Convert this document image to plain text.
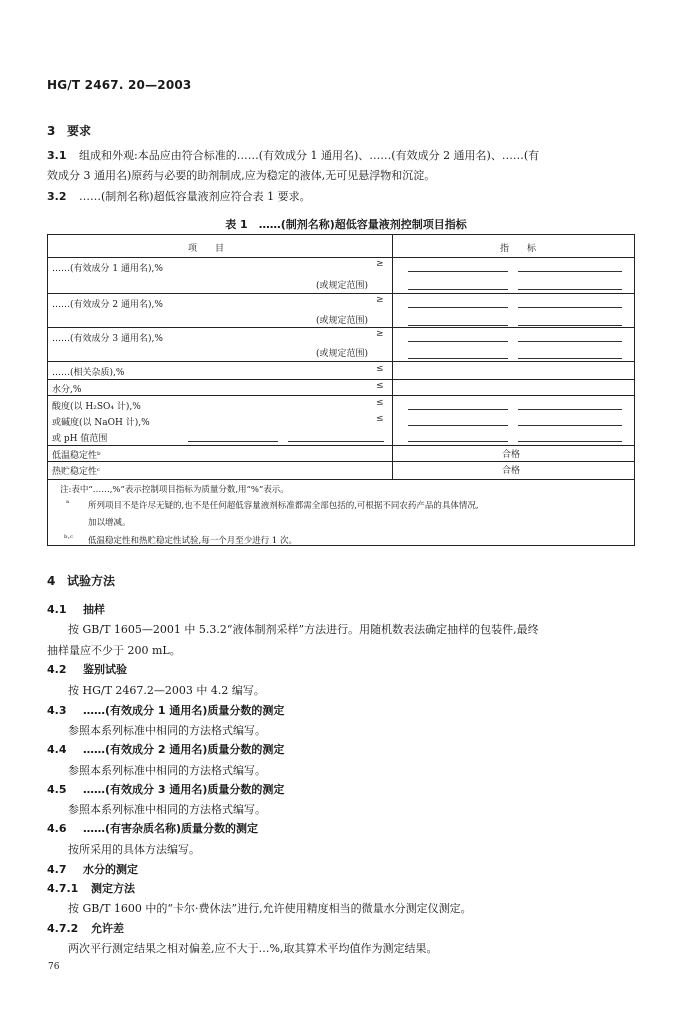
HG/T 2467. 20—2003
3 要求
3.1 组成和外观:本品应由符合标准的……(有效成分 1 通用名)、……(有效成分 2 通用名)、……(有
效成分 3 通用名)原药与必要的助剂制成,应为稳定的液体,无可见悬浮物和沉淀。
3.2 ……(制剂名称)超低容量液剂应符合表 1 要求。
表 1　……(制剂名称)超低容量液剂控制项目指标
项　　目	指　　标
……(有效成分 1 通用名),%	≥
(或规定范围)
……(有效成分 2 通用名),%	≥
(或规定范围)
……(有效成分 3 通用名),%	≥
(或规定范围)
……(相关杂质),%	≤
水分,%	≤
酸度(以 H₂SO₄ 计),%	≤
或碱度(以 NaOH 计),%	≤
或 pH 值范围
低温稳定性ᵇ	合格
热贮稳定性ᶜ	合格
注:表中“……,%”表示控制项目指标为质量分数,用“%”表示。
ᵃ 所列项目不是许尽无疑的,也不是任何超低容量液剂标准都需全部包括的,可根据不同农药产品的具体情况,
加以增减。
ᵇ·ᶜ 低温稳定性和热贮稳定性试验,每一个月至少进行 1 次。
4 试验方法
4.1 抽样
按 GB/T 1605—2001 中 5.3.2“液体制剂采样”方法进行。用随机数表法确定抽样的包装件,最终
抽样量应不少于 200 mL。
4.2 鉴别试验
按 HG/T 2467.2—2003 中 4.2 编写。
4.3 ……(有效成分 1 通用名)质量分数的测定
参照本系列标准中相同的方法格式编写。
4.4 ……(有效成分 2 通用名)质量分数的测定
参照本系列标准中相同的方法格式编写。
4.5 ……(有效成分 3 通用名)质量分数的测定
参照本系列标准中相同的方法格式编写。
4.6 ……(有害杂质名称)质量分数的测定
按所采用的具体方法编写。
4.7 水分的测定
4.7.1 测定方法
按 GB/T 1600 中的“卡尔·费休法”进行,允许使用精度相当的微量水分测定仪测定。
4.7.2 允许差
两次平行测定结果之相对偏差,应不大于…%,取其算术平均值作为测定结果。
76
